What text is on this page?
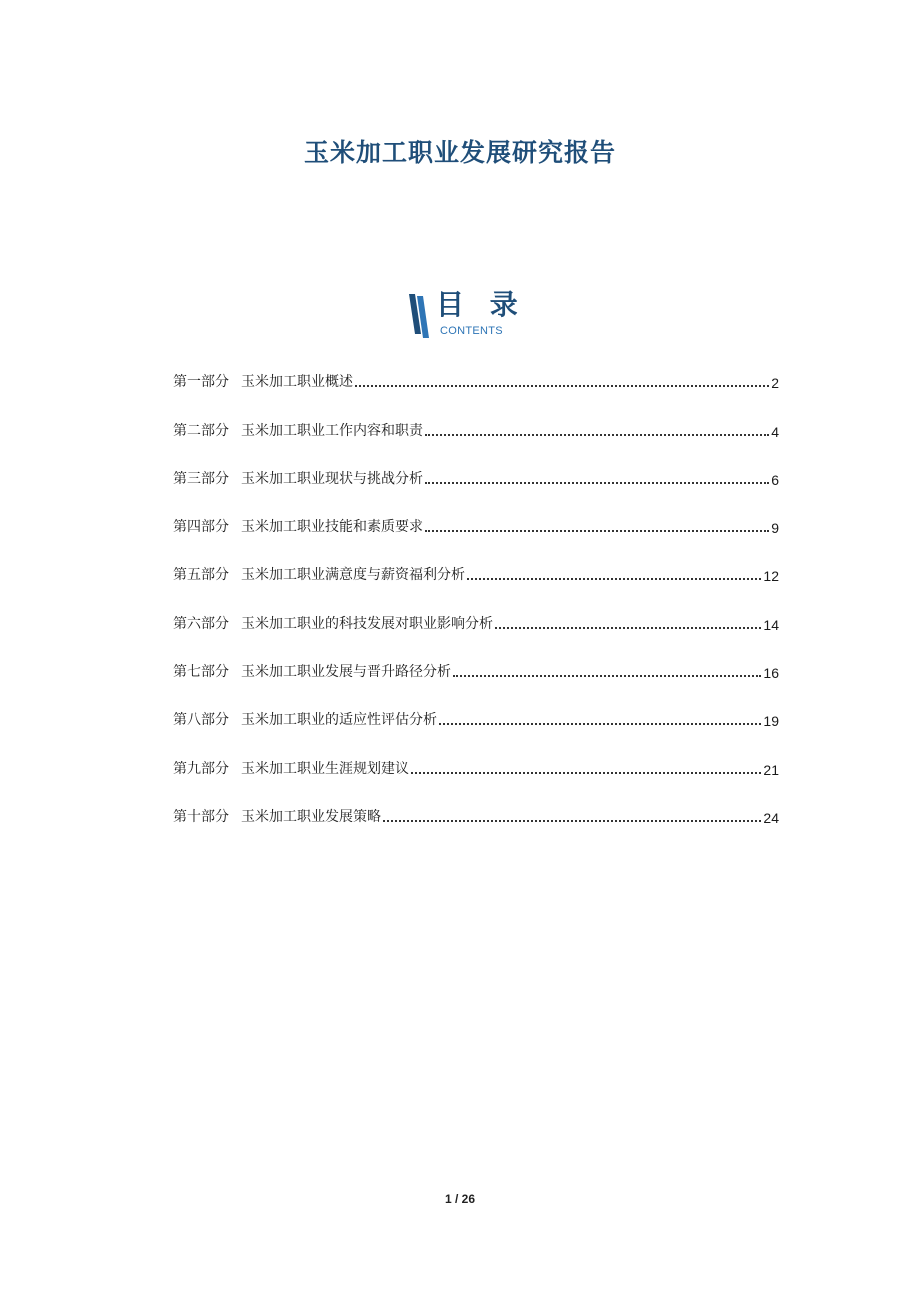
玉米加工职业发展研究报告
目 录
CONTENTS
第一部分 玉米加工职业概述	2
第二部分 玉米加工职业工作内容和职责	4
第三部分 玉米加工职业现状与挑战分析	6
第四部分 玉米加工职业技能和素质要求	9
第五部分 玉米加工职业满意度与薪资福利分析	12
第六部分 玉米加工职业的科技发展对职业影响分析	14
第七部分 玉米加工职业发展与晋升路径分析	16
第八部分 玉米加工职业的适应性评估分析	19
第九部分 玉米加工职业生涯规划建议	21
第十部分 玉米加工职业发展策略	24
1 / 26
